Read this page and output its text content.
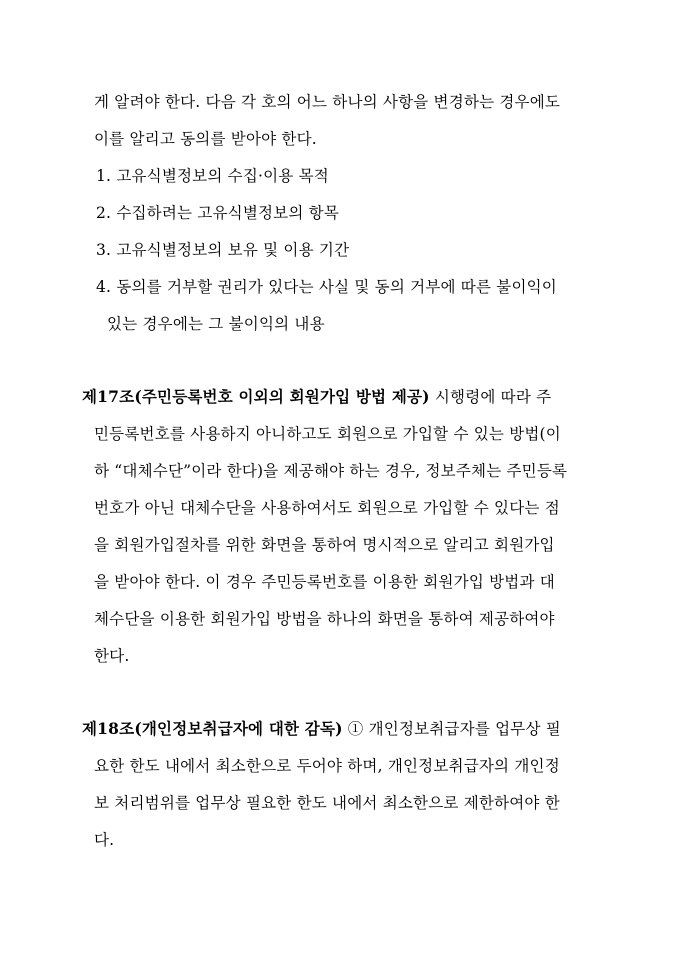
게 알려야 한다. 다음 각 호의 어느 하나의 사항을 변경하는 경우에도
이를 알리고 동의를 받아야 한다.
1. 고유식별정보의 수집·이용 목적
2. 수집하려는 고유식별정보의 항목
3. 고유식별정보의 보유 및 이용 기간
4. 동의를 거부할 권리가 있다는 사실 및 동의 거부에 따른 불이익이
있는 경우에는 그 불이익의 내용
제17조(주민등록번호 이외의 회원가입 방법 제공) 시행령에 따라 주
민등록번호를 사용하지 아니하고도 회원으로 가입할 수 있는 방법(이
하 “대체수단”이라 한다)을 제공해야 하는 경우, 정보주체는 주민등록
번호가 아닌 대체수단을 사용하여서도 회원으로 가입할 수 있다는 점
을 회원가입절차를 위한 화면을 통하여 명시적으로 알리고 회원가입
을 받아야 한다. 이 경우 주민등록번호를 이용한 회원가입 방법과 대
체수단을 이용한 회원가입 방법을 하나의 화면을 통하여 제공하여야
한다.
제18조(개인정보취급자에 대한 감독) ① 개인정보취급자를 업무상 필
요한 한도 내에서 최소한으로 두어야 하며, 개인정보취급자의 개인정
보 처리범위를 업무상 필요한 한도 내에서 최소한으로 제한하여야 한
다.
